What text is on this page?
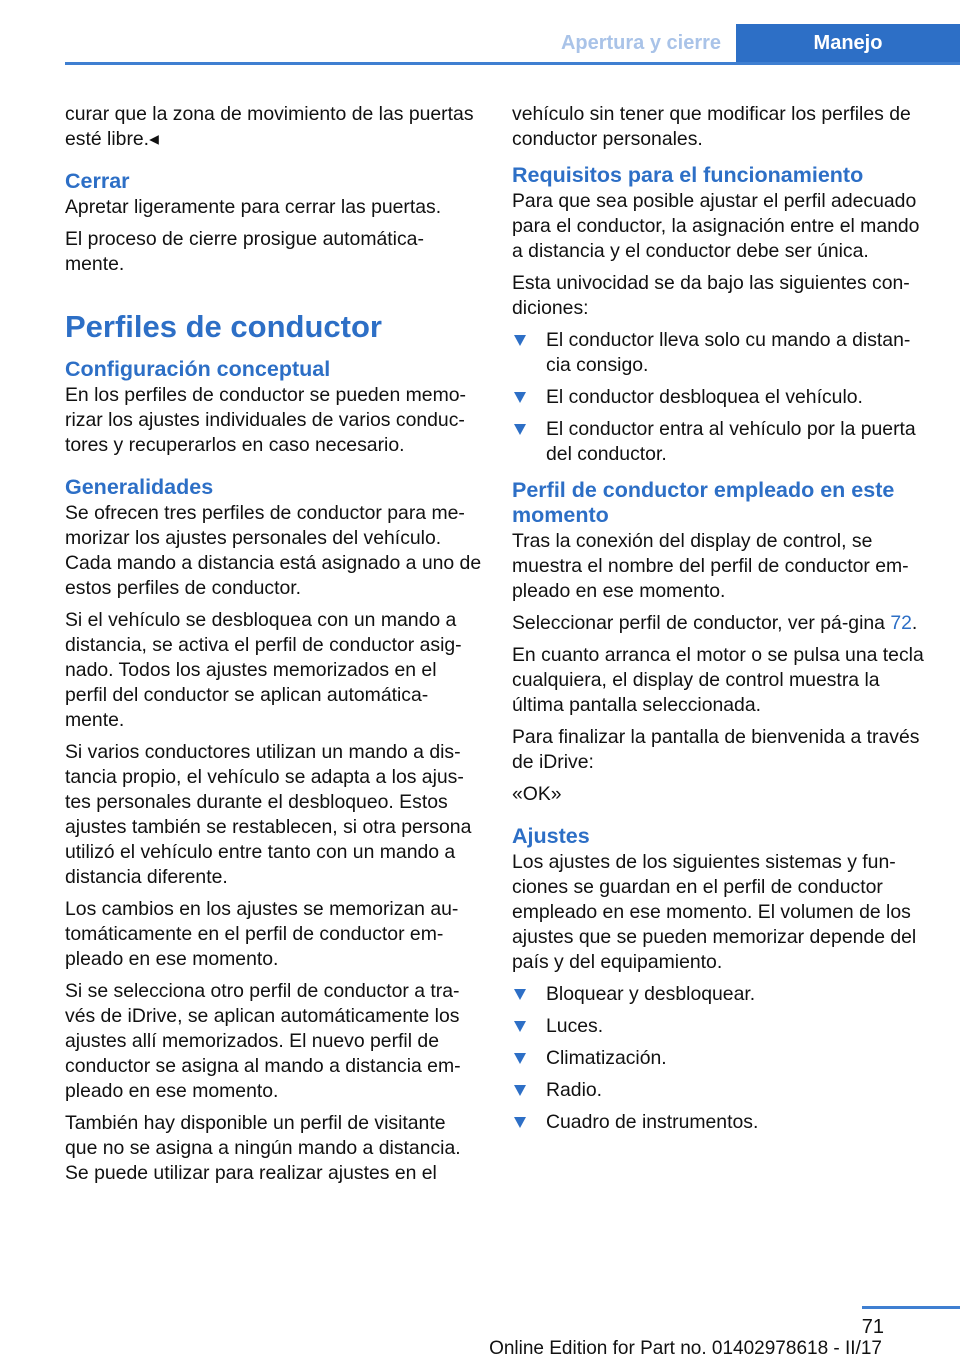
Apertura y cierre	Manejo

curar que la zona de movimiento de las puertas esté libre.◂

Cerrar

Apretar ligeramente para cerrar las puertas.

El proceso de cierre prosigue automática-mente.

Perfiles de conductor
Configuración conceptual

En los perfiles de conductor se pueden memo-rizar los ajustes individuales de varios conduc-tores y recuperarlos en caso necesario.

Generalidades

Se ofrecen tres perfiles de conductor para me-morizar los ajustes personales del vehículo. Cada mando a distancia está asignado a uno de estos perfiles de conductor.

Si el vehículo se desbloquea con un mando a distancia, se activa el perfil de conductor asig-nado. Todos los ajustes memorizados en el perfil del conductor se aplican automática-mente.

Si varios conductores utilizan un mando a dis-tancia propio, el vehículo se adapta a los ajus-tes personales durante el desbloqueo. Estos ajustes también se restablecen, si otra persona utilizó el vehículo entre tanto con un mando a distancia diferente.

Los cambios en los ajustes se memorizan au-tomáticamente en el perfil de conductor em-pleado en ese momento.

Si se selecciona otro perfil de conductor a tra-vés de iDrive, se aplican automáticamente los ajustes allí memorizados. El nuevo perfil de conductor se asigna al mando a distancia em-pleado en ese momento.

También hay disponible un perfil de visitante que no se asigna a ningún mando a distancia. Se puede utilizar para realizar ajustes en el

vehículo sin tener que modificar los perfiles de conductor personales.

Requisitos para el funcionamiento

Para que sea posible ajustar el perfil adecuado para el conductor, la asignación entre el mando a distancia y el conductor debe ser única.

Esta univocidad se da bajo las siguientes con-diciones:

El conductor lleva solo cu mando a distan-cia consigo.
El conductor desbloquea el vehículo.
El conductor entra al vehículo por la puerta del conductor.
Perfil de conductor empleado en este momento

Tras la conexión del display de control, se muestra el nombre del perfil de conductor em-pleado en ese momento.

Seleccionar perfil de conductor, ver pá-gina 72.

En cuanto arranca el motor o se pulsa una tecla cualquiera, el display de control muestra la última pantalla seleccionada.

Para finalizar la pantalla de bienvenida a través de iDrive:

«OK»

Ajustes

Los ajustes de los siguientes sistemas y fun-ciones se guardan en el perfil de conductor empleado en ese momento. El volumen de los ajustes que se pueden memorizar depende del país y del equipamiento.

Bloquear y desbloquear.
Luces.
Climatización.
Radio.
Cuadro de instrumentos.
71
Online Edition for Part no. 01402978618 - II/17
